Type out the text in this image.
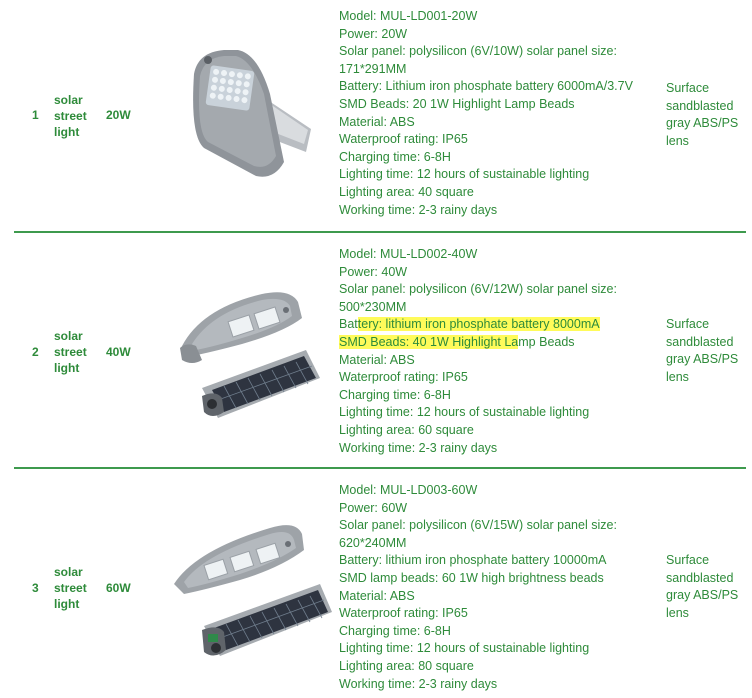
1
solar street light
20W
Model: MUL-LD001-20W
Power: 20W
Solar panel: polysilicon (6V/10W) solar panel size: 171*291MM
Battery: Lithium iron phosphate battery 6000mA/3.7V
SMD Beads: 20 1W Highlight Lamp Beads
Material: ABS
Waterproof rating: IP65
Charging time: 6-8H
Lighting time: 12 hours of sustainable lighting
Lighting area: 40 square
Working time: 2-3 rainy days
Surface sandblasted gray ABS/PS lens
2
solar street light
40W
Model: MUL-LD002-40W
Power: 40W
Solar panel: polysilicon (6V/12W) solar panel size: 500*230MM
Battery: lithium iron phosphate battery 8000mA
SMD Beads: 40 1W Highlight Lamp Beads
Material: ABS
Waterproof rating: IP65
Charging time: 6-8H
Lighting time: 12 hours of sustainable lighting
Lighting area: 60 square
Working time: 2-3 rainy days
Surface sandblasted gray ABS/PS lens
3
solar street light
60W
Model: MUL-LD003-60W
Power: 60W
Solar panel: polysilicon (6V/15W) solar panel size: 620*240MM
Battery: lithium iron phosphate battery 10000mA
SMD lamp beads: 60 1W high brightness beads
Material: ABS
Waterproof rating: IP65
Charging time: 6-8H
Lighting time: 12 hours of sustainable lighting
Lighting area: 80 square
Working time: 2-3 rainy days
Surface sandblasted gray ABS/PS lens
